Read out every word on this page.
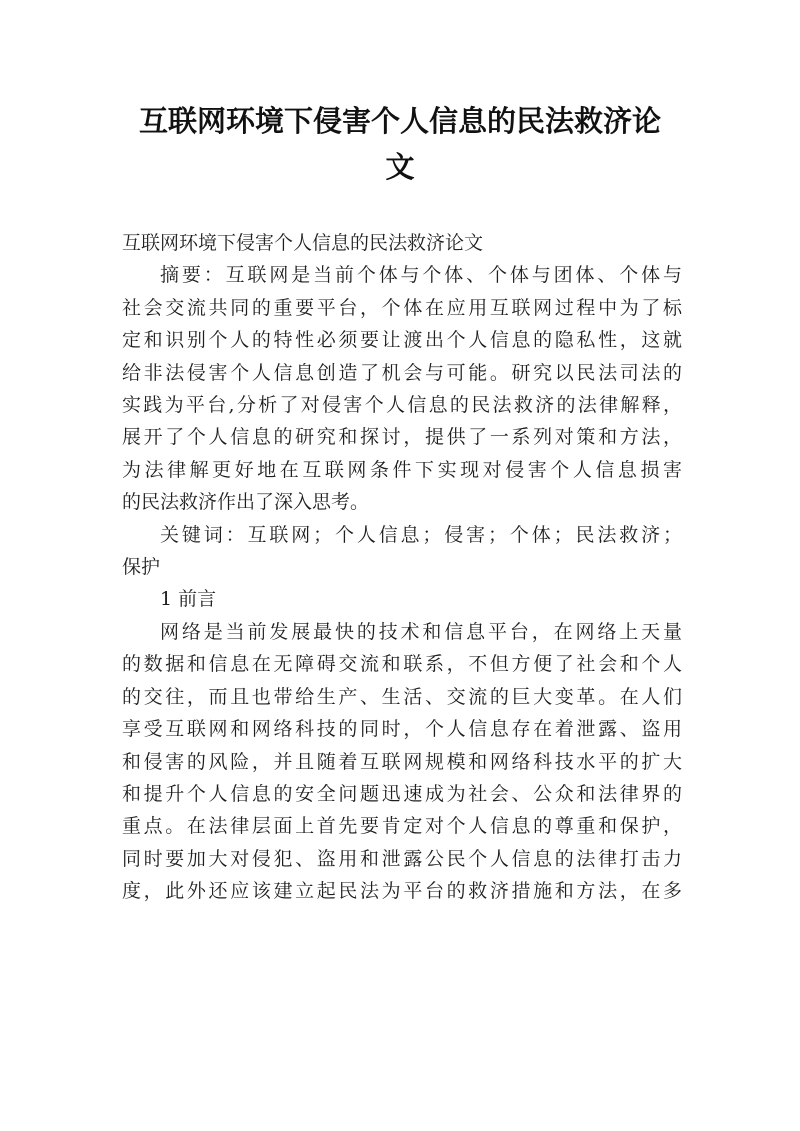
互联网环境下侵害个人信息的民法救济论
文
互联网环境下侵害个人信息的民法救济论文
摘要：互联网是当前个体与个体、个体与团体、个体与
社会交流共同的重要平台，个体在应用互联网过程中为了标
定和识别个人的特性必须要让渡出个人信息的隐私性，这就
给非法侵害个人信息创造了机会与可能。研究以民法司法的
实践为平台,分析了对侵害个人信息的民法救济的法律解释，
展开了个人信息的研究和探讨，提供了一系列对策和方法，
为法律解更好地在互联网条件下实现对侵害个人信息损害
的民法救济作出了深入思考。
关键词：互联网；个人信息；侵害；个体；民法救济；
保护
1 前言
网络是当前发展最快的技术和信息平台，在网络上天量
的数据和信息在无障碍交流和联系，不但方便了社会和个人
的交往，而且也带给生产、生活、交流的巨大变革。在人们
享受互联网和网络科技的同时，个人信息存在着泄露、盗用
和侵害的风险，并且随着互联网规模和网络科技水平的扩大
和提升个人信息的安全问题迅速成为社会、公众和法律界的
重点。在法律层面上首先要肯定对个人信息的尊重和保护，
同时要加大对侵犯、盗用和泄露公民个人信息的法律打击力
度，此外还应该建立起民法为平台的救济措施和方法，在多
